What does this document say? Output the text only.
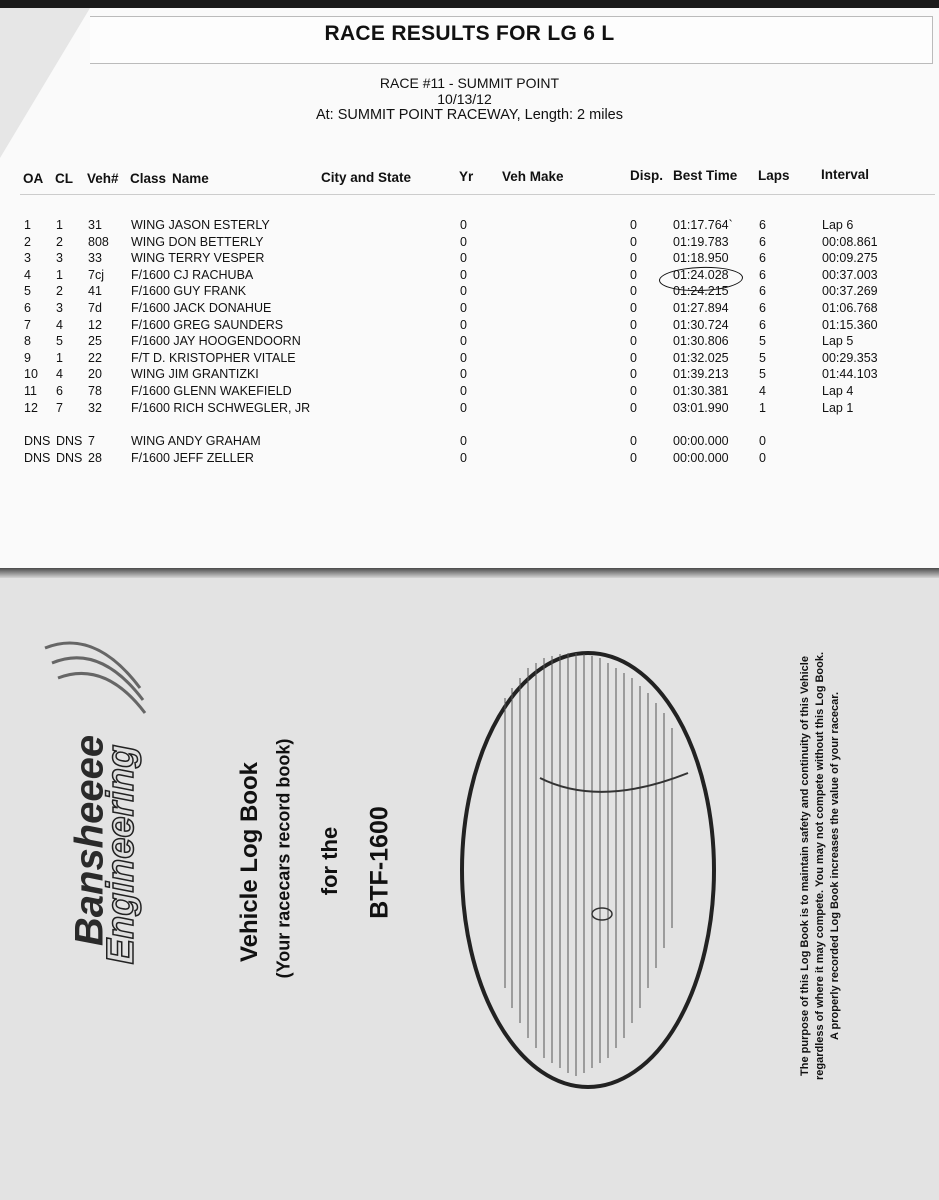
RACE RESULTS FOR LG 6 L
RACE #11 - SUMMIT POINT
10/13/12
At: SUMMIT POINT RACEWAY, Length: 2 miles
OA CL Veh# Class Name	City and State	Yr Veh Make	Disp. Best Time Laps Interval
1 1 31 WING JASON ESTERLY	0	0	01:17.764` 6	Lap 6
2 2 808 WING DON BETTERLY	0	0	01:19.783 6	00:08.861
3 3 33 WING TERRY VESPER	0	0	01:18.950 6	00:09.275
4 1 7cj F/1600 CJ RACHUBA	0	0	01:24.028 6	00:37.003
5 2 41 F/1600 GUY FRANK	0	0	01:24.215 6	00:37.269
6 3 7d F/1600 JACK DONAHUE	0	0	01:27.894 6	01:06.768
7 4 12 F/1600 GREG SAUNDERS	0	0	01:30.724 6	01:15.360
8 5 25 F/1600 JAY HOOGENDOORN	0	0	01:30.806 5	Lap 5
9 1 22 F/T D. KRISTOPHER VITALE	0	0	01:32.025 5	00:29.353
10 4 20 WING JIM GRANTIZKI	0	0	01:39.213 5	01:44.103
11 6 78 F/1600 GLENN WAKEFIELD	0	0	01:30.381 4	Lap 4
12 7 32 F/1600 RICH SCHWEGLER, JR	0	0	03:01.990 1	Lap 1
DNS DNS 7	WING ANDY GRAHAM	0	0	00:00.000 0
DNS DNS 28 F/1600 JEFF ZELLER	0	0	00:00.000 0
Bansheeee
Engineering	Vehicle Log Book (Your racecars record book) for the BTF-1600	The purpose of this Log Book is to maintain safety and continuity of this Vehicle regardless of where it may compete. You may not compete without this Log Book. A properly recorded Log Book increases the value of your racecar.
